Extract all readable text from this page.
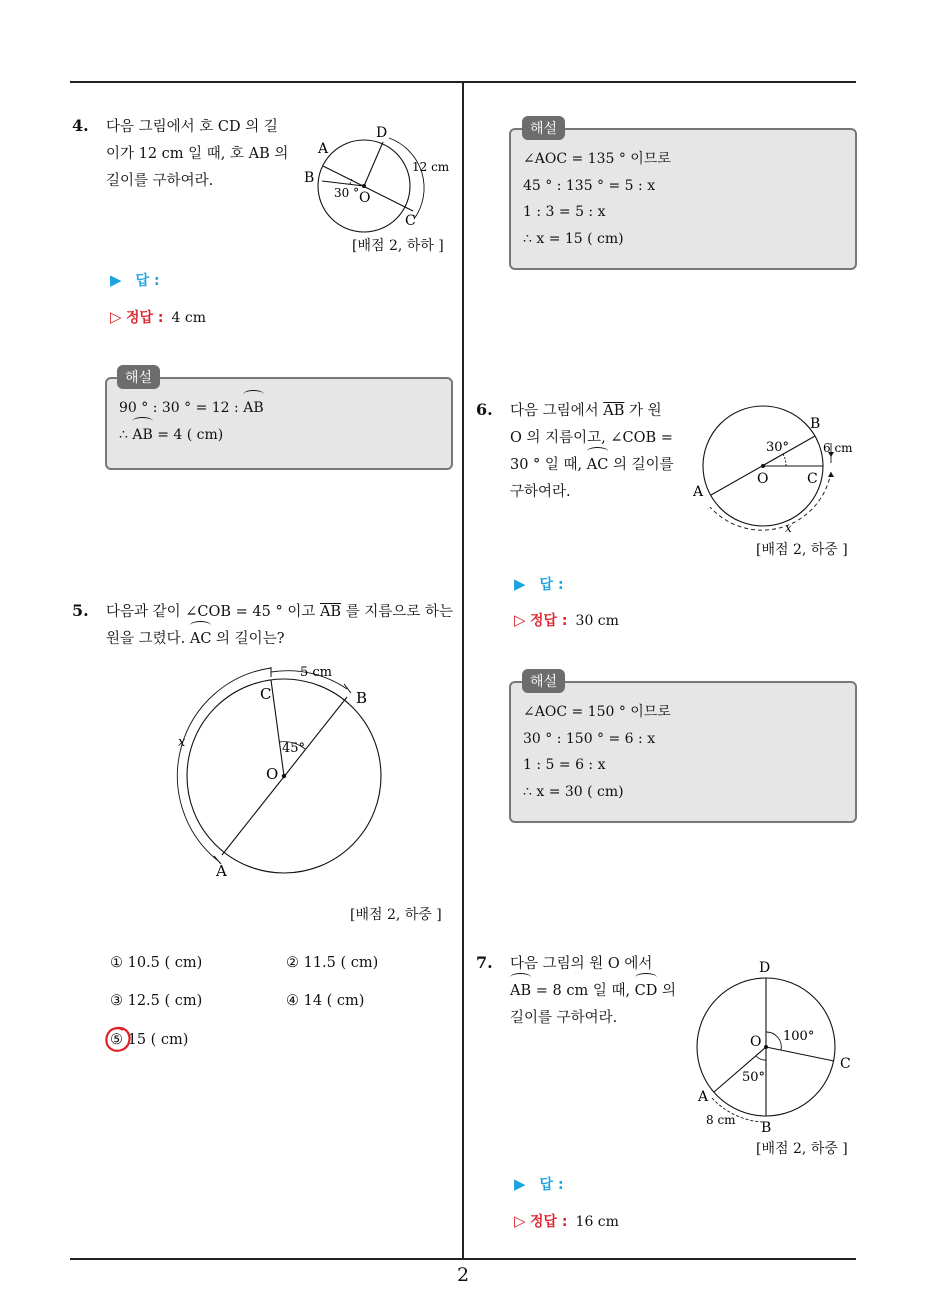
2
4. 다음 그림에서 호 CD 의 길
이가 12 cm 일 때, 호 AB 의
길이를 구하여라.
A
B
C
D
O
30 °
12 cm
[배점 2, 하하 ]
▶ 답 :
▷ 정답 : 4 cm
90 ° : 30 ° = 12 : AB
∴ AB = 4 ( cm)
해설
∠AOC = 135 ° 이므로
45 ° : 135 ° = 5 : x
1 : 3 = 5 : x
∴ x = 15 ( cm)
해설
5. 다음과 같이 ∠COB = 45 ° 이고 $\overline{AB}$ 를 지름으로 하는
원을 그렸다. AC 의 길이는?
A
B
C
O
45°
5 cm
x
[배점 2, 하중 ]
① 10.5 ( cm)	② 11.5 ( cm)
③ 12.5 ( cm)	④ 14 ( cm)
⑤ 15 ( cm)
6. 다음 그림에서 $\overline{AB}$ 가 원
O 의 지름이고, ∠COB =
30 ° 일 때, AC 의 길이를
구하여라.	A
B
C
O
30°	6 cm
x
[배점 2, 하중 ]
▶ 답 :
▷ 정답 : 30 cm
∠AOC = 150 ° 이므로
30 ° : 150 ° = 6 : x
1 : 5 = 6 : x
∴ x = 30 ( cm)
해설
7. 다음 그림의 원 O 에서
AB = 8 cm 일 때, CD 의
길이를 구하여라.
A
B
C
D
O 100°
50°
8 cm
[배점 2, 하중 ]
▶ 답 :
▷ 정답 : 16 cm
